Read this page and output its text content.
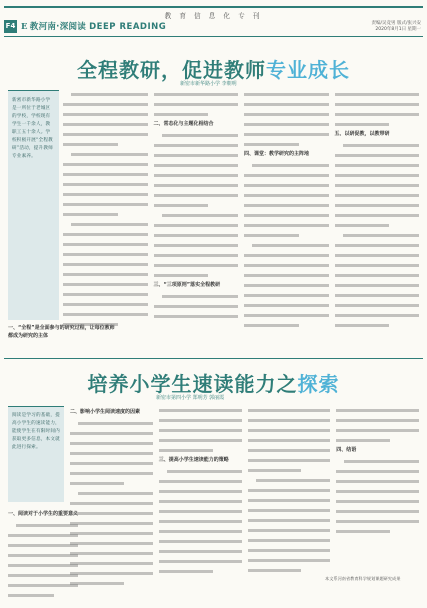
教 育 信 息 化 专 刊
F4 E 教河南·深阅读 DEEP READING	责编/吴竞男 版式/张兴安
2020年8月1日 星期一
全程教研，促进教师专业成长
新密市新华路小学 李朝明
新密市新华路小学是一所位于老城区的学校，学校现有学生一千余人，教职工五十余人。学校积极开展“全程教研”活动，提升教师专业素养。
一、“全程”是全面参与的研究过程，让每位教师都成为研究的主体
二、常态化与主题化相结合
三、“三项原则”落实全程教研
四、课堂：教学研究的主阵地
五、以研促教，以教带研
培养小学生速读能力之探索
新密市第四小学 郑明芳 郭丽霞
阅读是学习的基础，提高小学生的速读能力，能使学生在有限时间内获取更多信息，本文就此进行探索。
一、阅读对于小学生的重要意义
二、影响小学生阅读速度的因素
三、提高小学生速读能力的策略
四、结语
本文系河南省教育科学规划课题研究成果
